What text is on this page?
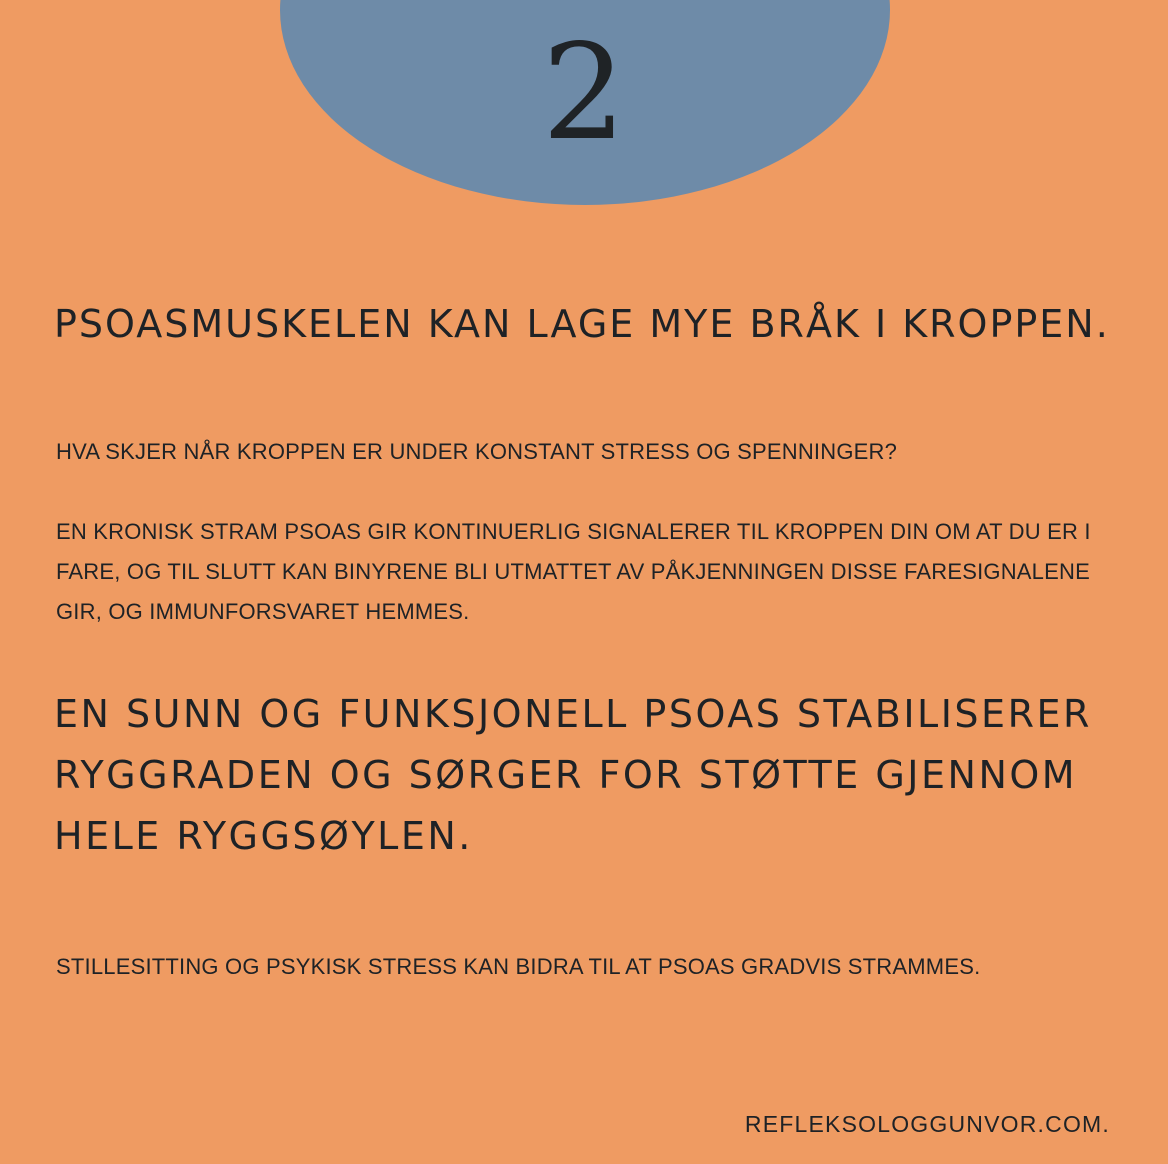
2
PSOASMUSKELEN KAN LAGE MYE BRÅK I KROPPEN.

HVA SKJER NÅR KROPPEN ER UNDER KONSTANT STRESS OG SPENNINGER?

EN KRONISK STRAM PSOAS GIR KONTINUERLIG SIGNALERER TIL KROPPEN DIN OM AT DU ER I FARE, OG TIL SLUTT KAN BINYRENE BLI UTMATTET AV PÅKJENNINGEN DISSE FARESIGNALENE GIR, OG IMMUNFORSVARET HEMMES.

EN SUNN OG FUNKSJONELL PSOAS STABILISERER RYGGRADEN OG SØRGER FOR STØTTE GJENNOM HELE RYGGSØYLEN.

STILLESITTING OG PSYKISK STRESS KAN BIDRA TIL AT PSOAS GRADVIS STRAMMES.

REFLEKSOLOGGUNVOR.COM.
